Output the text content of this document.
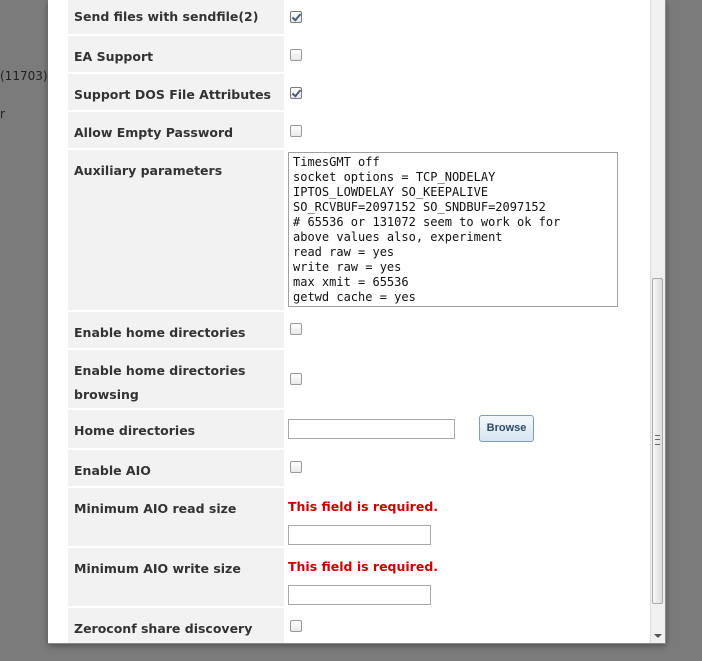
(11703)
r
Send files with sendfile(2)
EA Support
Support DOS File Attributes
Allow Empty Password
Auxiliary parameters
TimesGMT off socket options = TCP_NODELAY IPTOS_LOWDELAY SO_KEEPALIVE SO_RCVBUF=2097152 SO_SNDBUF=2097152 # 65536 or 131072 seem to work ok for above values also, experiment read raw = yes write raw = yes max xmit = 65536 getwd cache = yes
Enable home directories
Enable home directories browsing
Home directories	Browse
Enable AIO
Minimum AIO read size	This field is required.
Minimum AIO write size	This field is required.
Zeroconf share discovery
